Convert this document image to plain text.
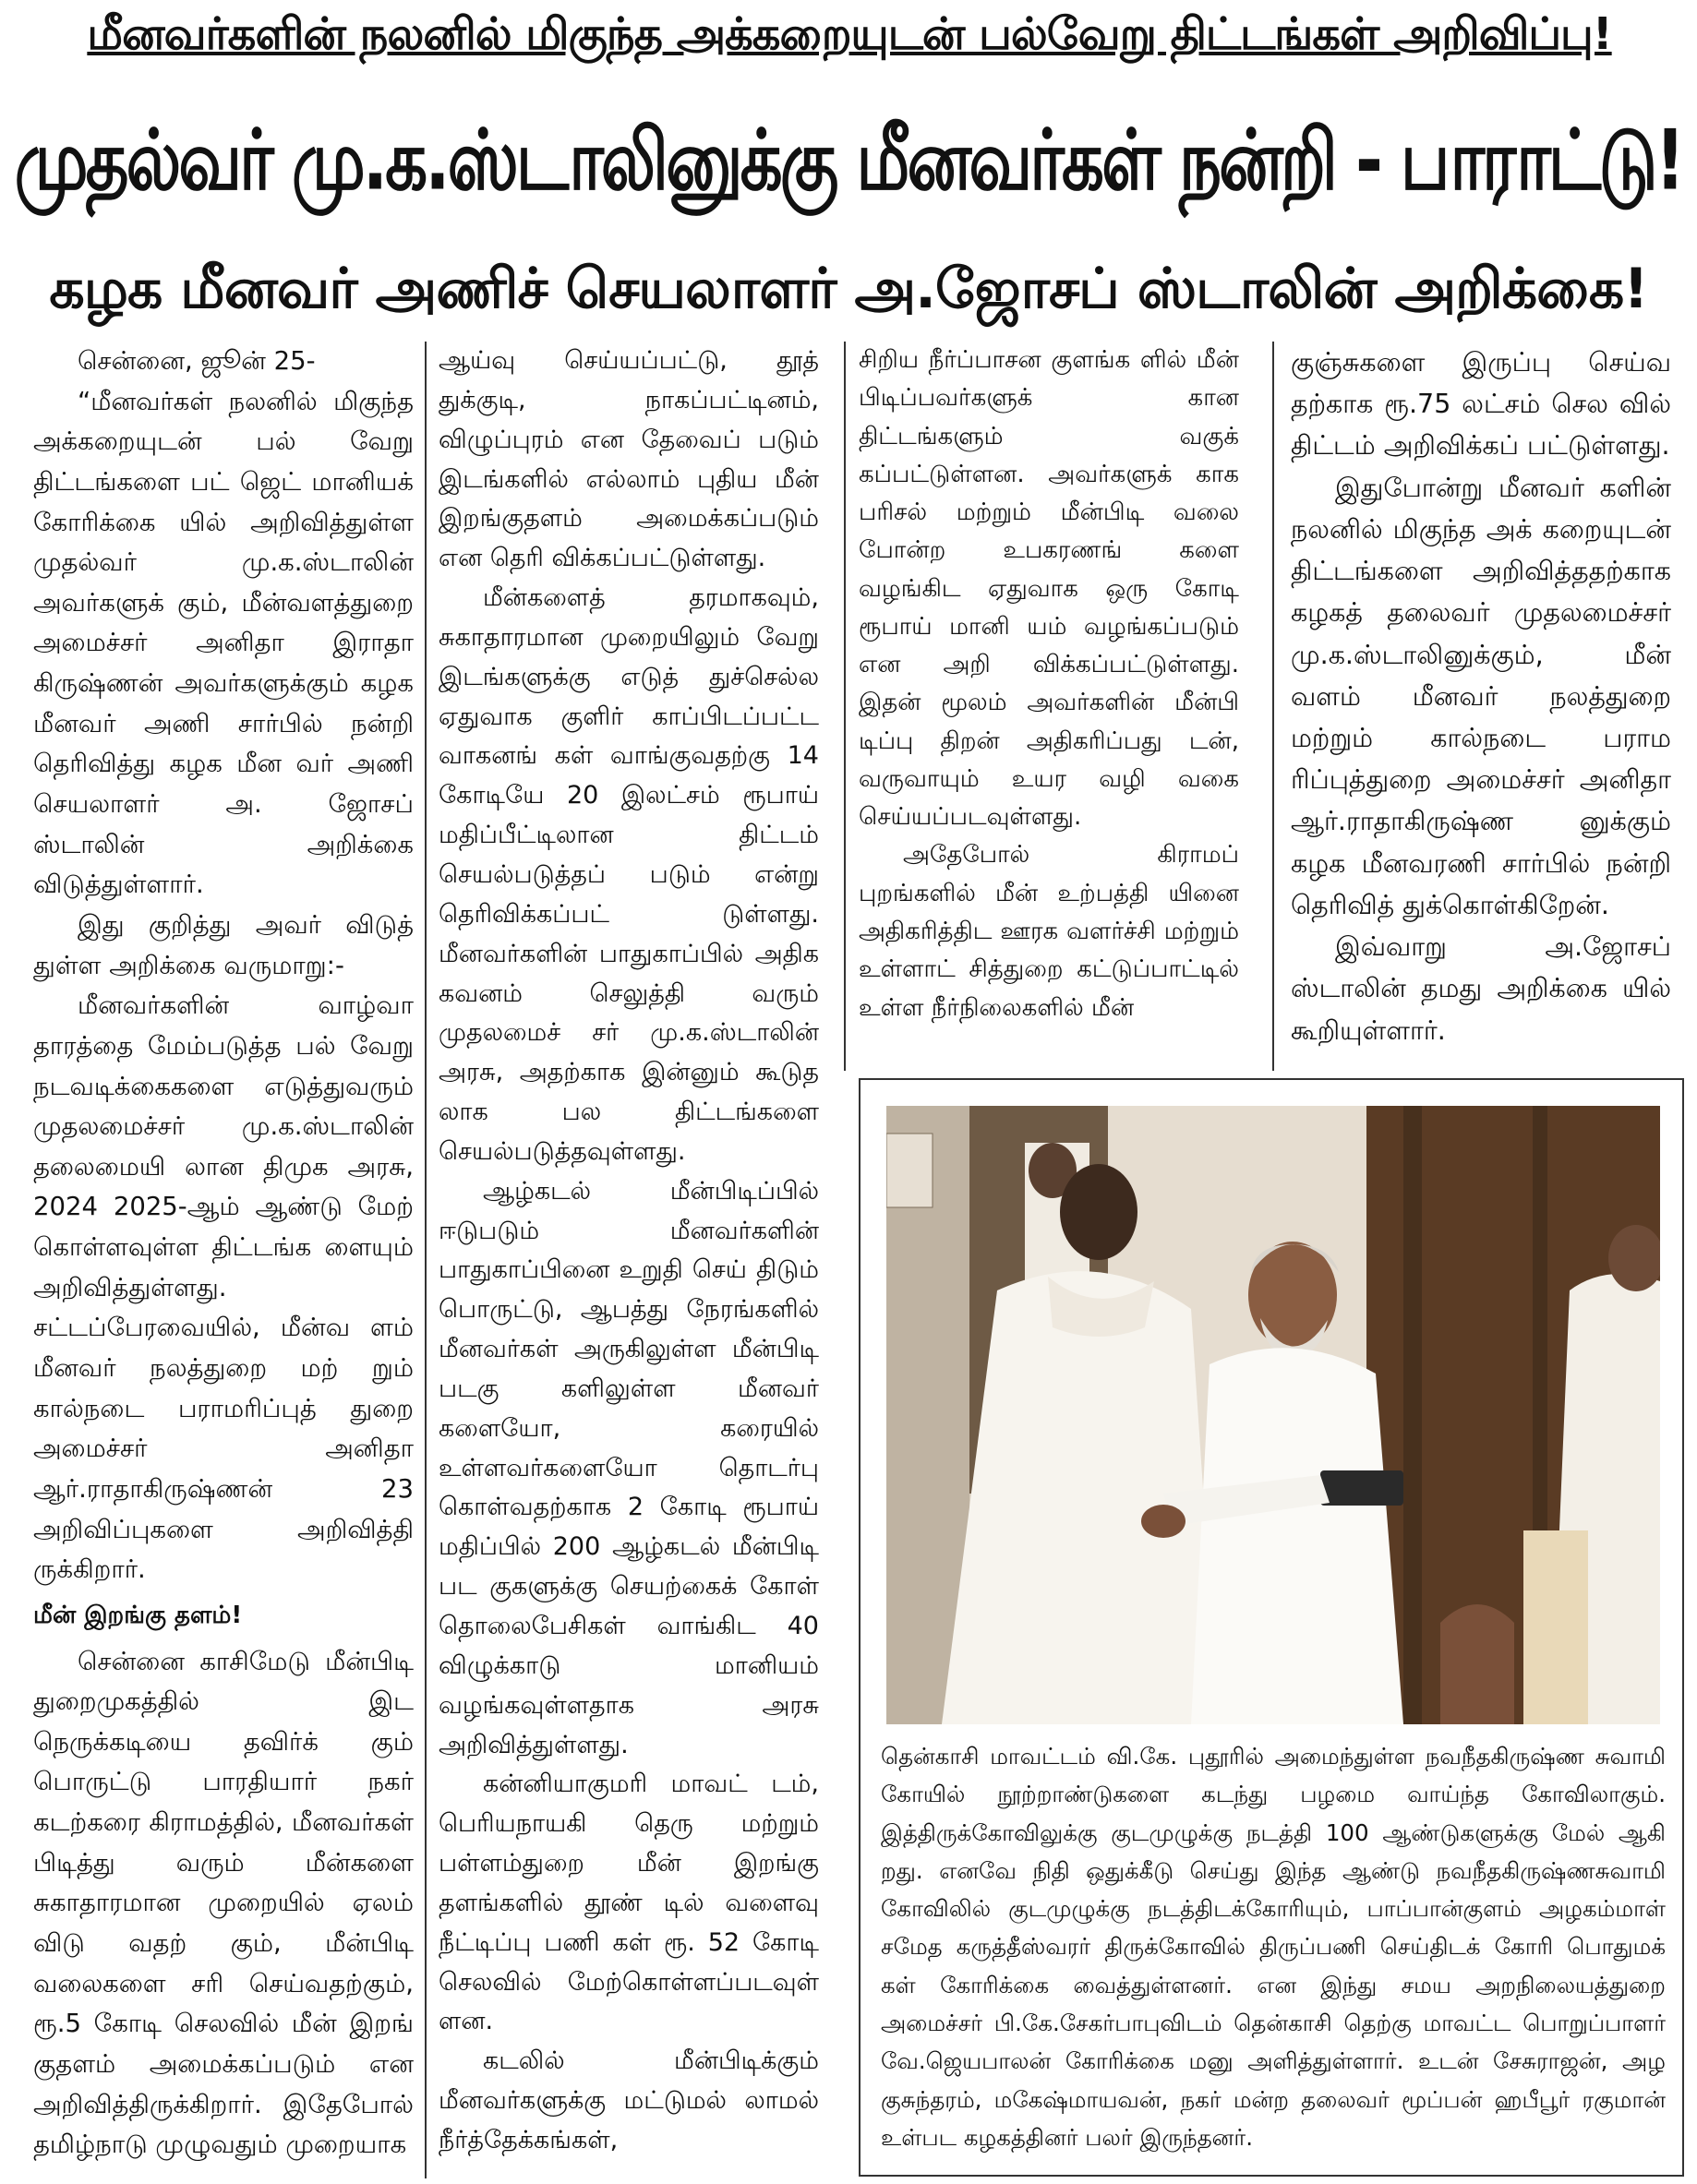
மீனவர்களின் நலனில் மிகுந்த அக்கறையுடன் பல்வேறு திட்டங்கள் அறிவிப்பு!
முதல்வர் மு.க.ஸ்டாலினுக்கு மீனவர்கள் நன்றி - பாராட்டு!
கழக மீனவர் அணிச் செயலாளர் அ.ஜோசப் ஸ்டாலின் அறிக்கை!

சென்னை, ஜூன் 25-

“மீனவர்கள் நலனில் மிகுந்த அக்கறையுடன் பல் வேறு திட்டங்களை பட் ஜெட் மானியக் கோரிக்கை யில் அறிவித்துள்ள முதல்வர் மு.க.ஸ்டாலின் அவர்களுக் கும், மீன்வளத்துறை அமைச்சர் அனிதா இராதா கிருஷ்ணன் அவர்களுக்கும் கழக மீனவர் அணி சார்பில் நன்றி தெரிவித்து கழக மீன வர் அணி செயலாளர் அ. ஜோசப் ஸ்டாலின் அறிக்கை விடுத்துள்ளார்.

இது குறித்து அவர் விடுத் துள்ள அறிக்கை வருமாறு:-

மீனவர்களின் வாழ்வா தாரத்தை மேம்படுத்த பல் வேறு நடவடிக்கைகளை எடுத்துவரும் முதலமைச்சர் மு.க.ஸ்டாலின் தலைமையி லான திமுக அரசு, 2024 2025-ஆம் ஆண்டு மேற் கொள்ளவுள்ள திட்டங்க ளையும் அறிவித்துள்ளது. சட்டப்பேரவையில், மீன்வ ளம் மீனவர் நலத்துறை மற் றும் கால்நடை பராமரிப்புத் துறை அமைச்சர் அனிதா ஆர்.ராதாகிருஷ்ணன் 23 அறிவிப்புகளை அறிவித்தி ருக்கிறார்.

மீன் இறங்கு தளம்!

சென்னை காசிமேடு மீன்பிடி துறைமுகத்தில் இட நெருக்கடியை தவிர்க் கும் பொருட்டு பாரதியார் நகர் கடற்கரை கிராமத்தில், மீனவர்கள் பிடித்து வரும் மீன்களை சுகாதாரமான முறையில் ஏலம் விடு வதற் கும், மீன்பிடி வலைகளை சரி செய்வதற்கும், ரூ.5 கோடி செலவில் மீன் இறங் குதளம் அமைக்கப்படும் என அறிவித்திருக்கிறார். இதேபோல் தமிழ்நாடு முழுவதும் முறையாக

ஆய்வு செய்யப்பட்டு, தூத் துக்குடி, நாகப்பட்டினம், விழுப்புரம் என தேவைப் படும் இடங்களில் எல்லாம் புதிய மீன் இறங்குதளம் அமைக்கப்படும் என தெரி விக்கப்பட்டுள்ளது.

மீன்களைத் தரமாகவும், சுகாதாரமான முறையிலும் வேறு இடங்களுக்கு எடுத் துச்செல்ல ஏதுவாக குளிர் காப்பிடப்பட்ட வாகனங் கள் வாங்குவதற்கு 14 கோடியே 20 இலட்சம் ரூபாய் மதிப்பீட்டிலான திட்டம் செயல்படுத்தப் படும் என்று தெரிவிக்கப்பட் டுள்ளது. மீனவர்களின் பாதுகாப்பில் அதிக கவனம் செலுத்தி வரும் முதலமைச் சர் மு.க.ஸ்டாலின் அரசு, அதற்காக இன்னும் கூடுத லாக பல திட்டங்களை செயல்படுத்தவுள்ளது.

ஆழ்கடல் மீன்பிடிப்பில் ஈடுபடும் மீனவர்களின் பாதுகாப்பினை உறுதி செய் திடும் பொருட்டு, ஆபத்து நேரங்களில் மீனவர்கள் அருகிலுள்ள மீன்பிடி படகு களிலுள்ள மீனவர் களையோ, கரையில் உள்ளவர்களையோ தொடர்பு கொள்வதற்காக 2 கோடி ரூபாய் மதிப்பில் 200 ஆழ்கடல் மீன்பிடி பட குகளுக்கு செயற்கைக் கோள் தொலைபேசிகள் வாங்கிட 40 விழுக்காடு மானியம் வழங்கவுள்ளதாக அரசு அறிவித்துள்ளது.

கன்னியாகுமரி மாவட் டம், பெரியநாயகி தெரு மற்றும் பள்ளம்துறை மீன் இறங்கு தளங்களில் தூண் டில் வளைவு நீட்டிப்பு பணி கள் ரூ. 52 கோடி செலவில் மேற்கொள்ளப்படவுள் ளன.

கடலில் மீன்பிடிக்கும் மீனவர்களுக்கு மட்டுமல் லாமல் நீர்த்தேக்கங்கள்,

சிறிய நீர்ப்பாசன குளங்க ளில் மீன் பிடிப்பவர்களுக் கான திட்டங்களும் வகுக் கப்பட்டுள்ளன. அவர்களுக் காக பரிசல் மற்றும் மீன்பிடி வலை போன்ற உபகரணங் களை வழங்கிட ஏதுவாக ஒரு கோடி ரூபாய் மானி யம் வழங்கப்படும் என அறி விக்கப்பட்டுள்ளது. இதன் மூலம் அவர்களின் மீன்பி டிப்பு திறன் அதிகரிப்பது டன், வருவாயும் உயர வழி வகை செய்யப்படவுள்ளது.

அதேபோல் கிராமப் புறங்களில் மீன் உற்பத்தி யினை அதிகரித்திட ஊரக வளர்ச்சி மற்றும் உள்ளாட் சித்துறை கட்டுப்பாட்டில் உள்ள நீர்நிலைகளில் மீன்

குஞ்சுகளை இருப்பு செய்வ தற்காக ரூ.75 லட்சம் செல வில் திட்டம் அறிவிக்கப் பட்டுள்ளது.

இதுபோன்று மீனவர் களின் நலனில் மிகுந்த அக் கறையுடன் திட்டங்களை அறிவித்ததற்காக கழகத் தலைவர் முதலமைச்சர் மு.க.ஸ்டாலினுக்கும், மீன் வளம் மீனவர் நலத்துறை மற்றும் கால்நடை பராம ரிப்புத்துறை அமைச்சர் அனிதா ஆர்.ராதாகிருஷ்ண னுக்கும் கழக மீனவரணி சார்பில் நன்றி தெரிவித் துக்கொள்கிறேன்.

இவ்வாறு அ.ஜோசப் ஸ்டாலின் தமது அறிக்கை யில் கூறியுள்ளார்.

தென்காசி மாவட்டம் வி.கே. புதூரில் அமைந்துள்ள நவநீதகிருஷ்ண சுவாமி கோயில் நூற்றாண்டுகளை கடந்து பழமை வாய்ந்த கோவிலாகும். இத்திருக்கோவிலுக்கு குடமுழுக்கு நடத்தி 100 ஆண்டுகளுக்கு மேல் ஆகி றது. எனவே நிதி ஒதுக்கீடு செய்து இந்த ஆண்டு நவநீதகிருஷ்ணசுவாமி கோவிலில் குடமுழுக்கு நடத்திடக்கோரியும், பாப்பான்குளம் அழகம்மாள் சமேத கருத்தீஸ்வரர் திருக்கோவில் திருப்பணி செய்திடக் கோரி பொதுமக் கள் கோரிக்கை வைத்துள்ளனர். என இந்து சமய அறநிலையத்துறை அமைச்சர் பி.கே.சேகர்பாபுவிடம் தென்காசி தெற்கு மாவட்ட பொறுப்பாளர் வே.ஜெயபாலன் கோரிக்கை மனு அளித்துள்ளார். உடன் சேசுராஜன், அழ குசுந்தரம், மகேஷ்மாயவன், நகர் மன்ற தலைவர் மூப்பன் ஹபீபூர் ரகுமான் உள்பட கழகத்தினர் பலர் இருந்தனர்.
